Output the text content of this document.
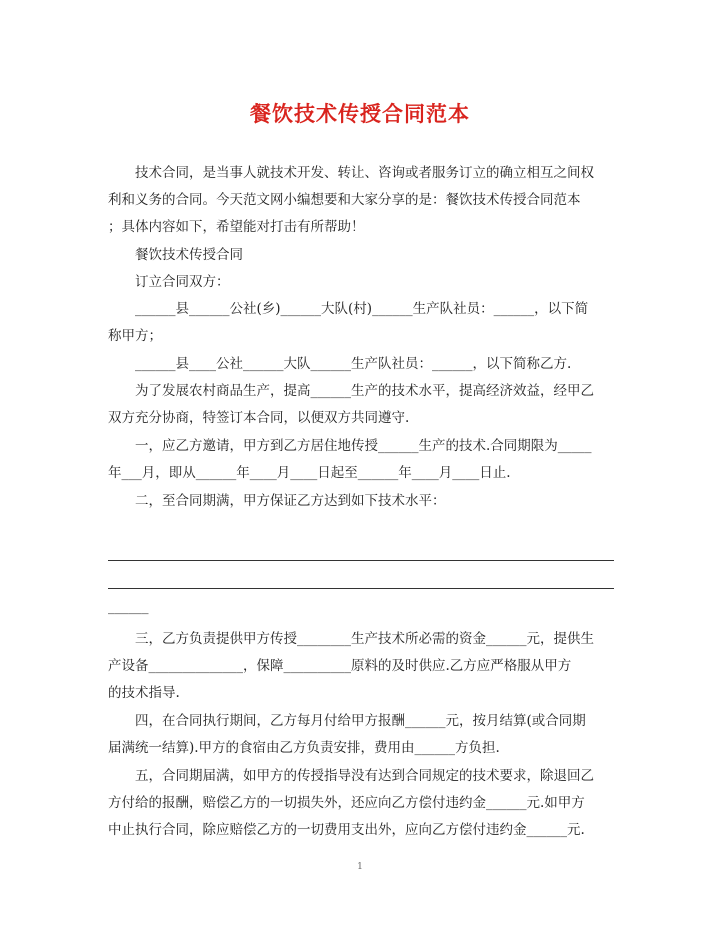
餐饮技术传授合同范本
　　技术合同，是当事人就技术开发、转让、咨询或者服务订立的确立相互之间权
利和义务的合同。今天范文网小编想要和大家分享的是：餐饮技术传授合同范本
；具体内容如下，希望能对打击有所帮助！
　　餐饮技术传授合同
　　订立合同双方：
　　______县______公社(乡)______大队(村)______生产队社员：______，以下简
称甲方；
　　______县____公社______大队______生产队社员：______，以下简称乙方.
　　为了发展农村商品生产，提高______生产的技术水平，提高经济效益，经甲乙
双方充分协商，特签订本合同，以便双方共同遵守.
　　一，应乙方邀请，甲方到乙方居住地传授______生产的技术.合同期限为_____
年___月，即从______年____月____日起至______年____月____日止.
　　二，至合同期满，甲方保证乙方达到如下技术水平：
______
　　三，乙方负责提供甲方传授________生产技术所必需的资金______元，提供生
产设备______________，保障__________原料的及时供应.乙方应严格服从甲方
的技术指导.
　　四，在合同执行期间，乙方每月付给甲方报酬______元，按月结算(或合同期
届满统一结算).甲方的食宿由乙方负责安排，费用由______方负担.
　　五，合同期届满，如甲方的传授指导没有达到合同规定的技术要求，除退回乙
方付给的报酬，赔偿乙方的一切损失外，还应向乙方偿付违约金______元.如甲方
中止执行合同，除应赔偿乙方的一切费用支出外，应向乙方偿付违约金______元.
1
